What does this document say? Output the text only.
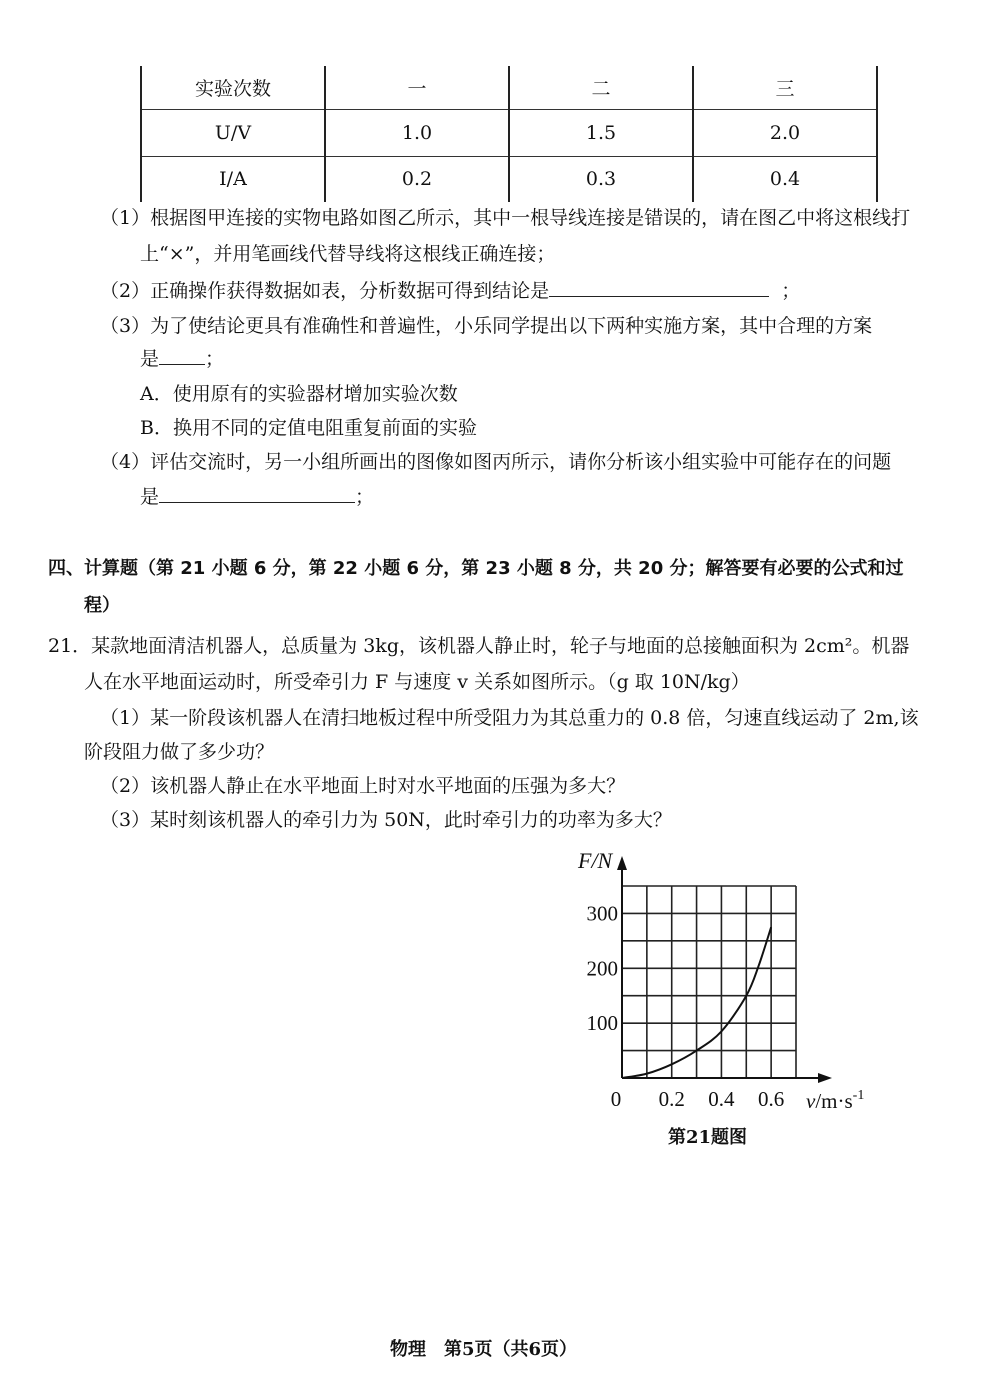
实验次数	一	二	三
U/V	1.0	1.5	2.0
I/A	0.2	0.3	0.4
（1）根据图甲连接的实物电路如图乙所示，其中一根导线连接是错误的，请在图乙中将这根线打
上“×”，并用笔画线代替导线将这根线正确连接；
（2）正确操作获得数据如表，分析数据可得到结论是	；
（3）为了使结论更具有准确性和普遍性，小乐同学提出以下两种实施方案，其中合理的方案
是 ；
A．使用原有的实验器材增加实验次数
B．换用不同的定值电阻重复前面的实验
（4）评估交流时，另一小组所画出的图像如图丙所示，请你分析该小组实验中可能存在的问题
是	；
四、计算题（第 21 小题 6 分，第 22 小题 6 分，第 23 小题 8 分，共 20 分；解答要有必要的公式和过
程）
21．某款地面清洁机器人，总质量为 3kg，该机器人静止时，轮子与地面的总接触面积为 2cm²。机器
人在水平地面运动时，所受牵引力 F 与速度 v 关系如图所示。（g 取 10N/kg）
（1）某一阶段该机器人在清扫地板过程中所受阻力为其总重力的 0.8 倍，匀速直线运动了 2m,该
阶段阻力做了多少功？
（2）该机器人静止在水平地面上时对水平地面的压强为多大？
（3）某时刻该机器人的牵引力为 50N，此时牵引力的功率为多大？
0 0.2 0.4 0.6
100
200
300
F/N
$v/m\cdot s^{-1}$
第21题图
物理　第5页（共6页）
